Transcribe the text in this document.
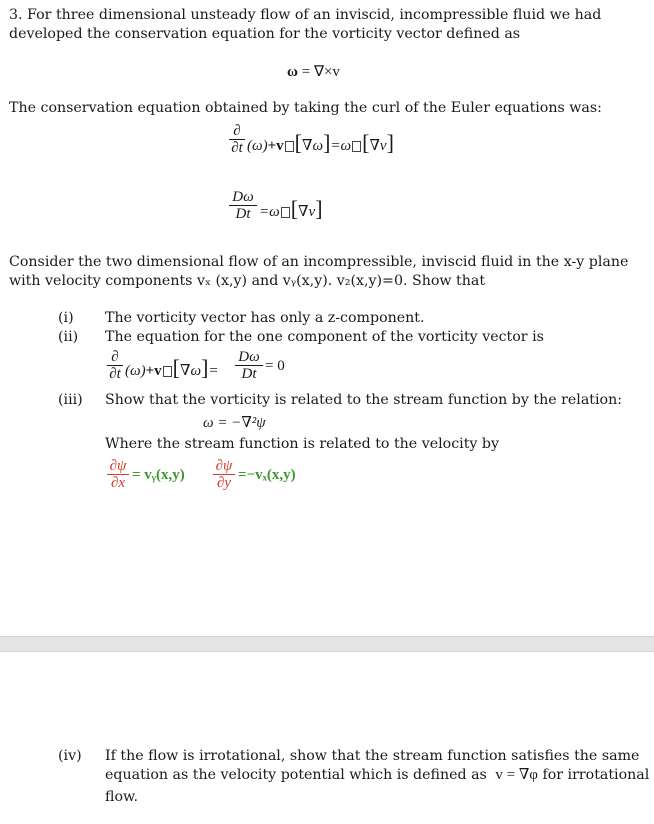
3. For three dimensional unsteady flow of an inviscid, incompressible fluid we had developed the conservation equation for the vorticity vector defined as
ω = ∇×v
The conservation equation obtained by taking the curl of the Euler equations was:
∂
∂t (ω)+v [∇ω]=ω [∇v]
$\frac{D\omega}{Dt} =\omega$ [∇v]
Consider the two dimensional flow of an incompressible, inviscid fluid in the x-y plane with velocity components vₓ (x,y) and vᵧ(x,y). v₂(x,y)=0. Show that
(i) The vorticity vector has only a z-component.
(ii) The equation for the one component of the vorticity vector is
∂
∂t (ω)+v $[\nabla\omega]= \frac{D\omega}{Dt} = 0$
(iii) Show that the vorticity is related to the stream function by the relation:
ω = −∇²ψ
Where the stream function is related to the velocity by
$\frac{\partial\psi}{\partial x}$ = vᵧ(x,y) $\frac{\partial\psi}{\partial y} =-v_x(x,y)$
(iv) If the flow is irrotational, show that the stream function satisfies the same
equation as the velocity potential which is defined as v = ∇φ for irrotational
flow.
